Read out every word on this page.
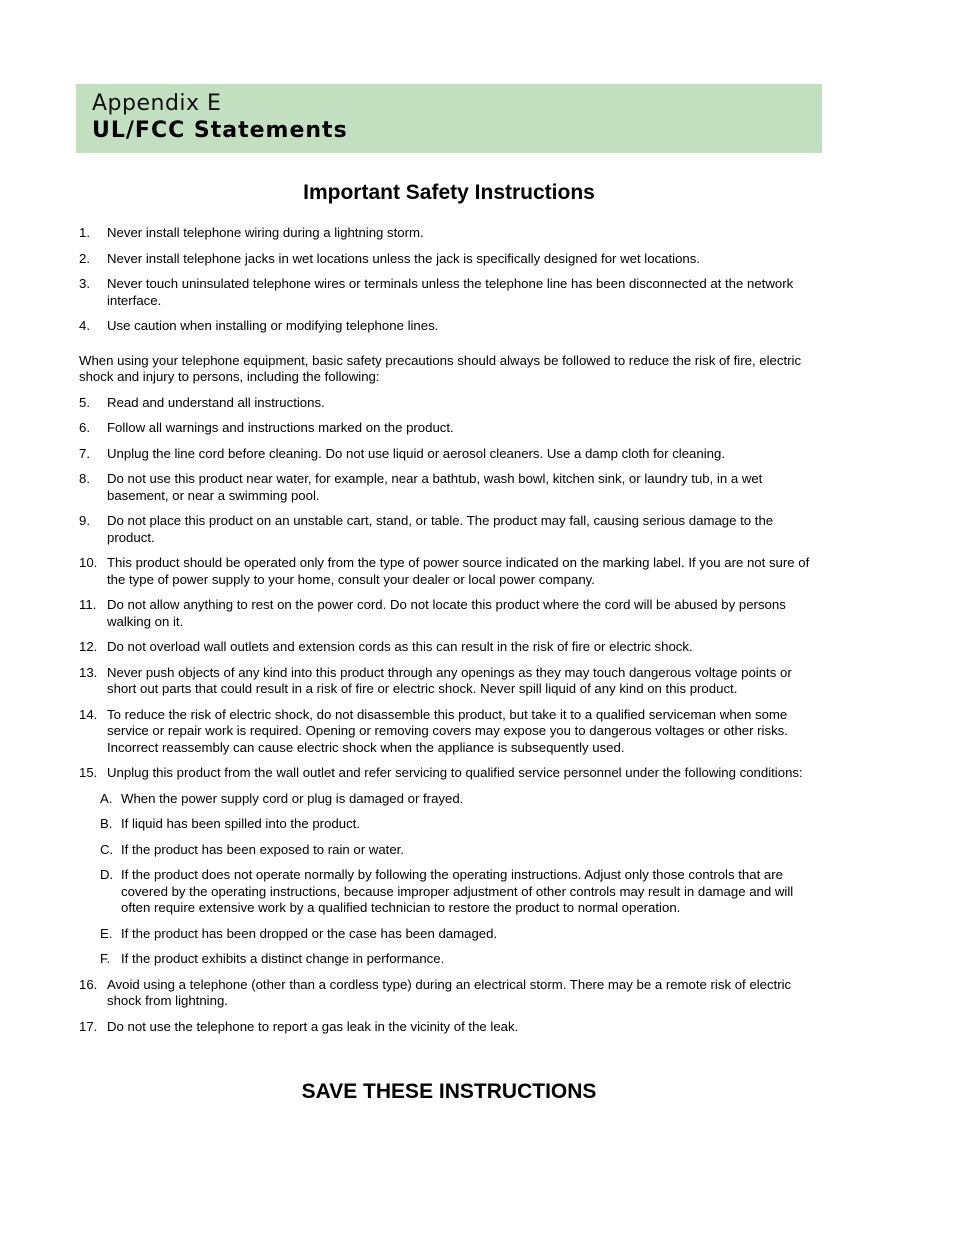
Appendix E
UL/FCC Statements
Important Safety Instructions
1.	Never install telephone wiring during a lightning storm.
2.	Never install telephone jacks in wet locations unless the jack is specifically designed for wet locations.
3.	Never touch uninsulated telephone wires or terminals unless the telephone line has been disconnected at the network interface.
4.	Use caution when installing or modifying telephone lines.
When using your telephone equipment, basic safety precautions should always be followed to reduce the risk of fire, electric shock and injury to persons, including the following:
5.	Read and understand all instructions.
6.	Follow all warnings and instructions marked on the product.
7.	Unplug the line cord before cleaning. Do not use liquid or aerosol cleaners. Use a damp cloth for cleaning.
8.	Do not use this product near water, for example, near a bathtub, wash bowl, kitchen sink, or laundry tub, in a wet basement, or near a swimming pool.
9.	Do not place this product on an unstable cart, stand, or table. The product may fall, causing serious damage to the product.
10. This product should be operated only from the type of power source indicated on the marking label. If you are not sure of the type of power supply to your home, consult your dealer or local power company.
11. Do not allow anything to rest on the power cord. Do not locate this product where the cord will be abused by persons walking on it.
12. Do not overload wall outlets and extension cords as this can result in the risk of fire or electric shock.
13. Never push objects of any kind into this product through any openings as they may touch dangerous voltage points or short out parts that could result in a risk of fire or electric shock. Never spill liquid of any kind on this product.
14. To reduce the risk of electric shock, do not disassemble this product, but take it to a qualified serviceman when some service or repair work is required. Opening or removing covers may expose you to dangerous voltages or other risks. Incorrect reassembly can cause electric shock when the appliance is subsequently used.
15. Unplug this product from the wall outlet and refer servicing to qualified service personnel under the following conditions:
A. When the power supply cord or plug is damaged or frayed.
B. If liquid has been spilled into the product.
C. If the product has been exposed to rain or water.
D. If the product does not operate normally by following the operating instructions. Adjust only those controls that are covered by the operating instructions, because improper adjustment of other controls may result in damage and will often require extensive work by a qualified technician to restore the product to normal operation.
E. If the product has been dropped or the case has been damaged.
F. If the product exhibits a distinct change in performance.
16. Avoid using a telephone (other than a cordless type) during an electrical storm. There may be a remote risk of electric shock from lightning.
17. Do not use the telephone to report a gas leak in the vicinity of the leak.
SAVE THESE INSTRUCTIONS
